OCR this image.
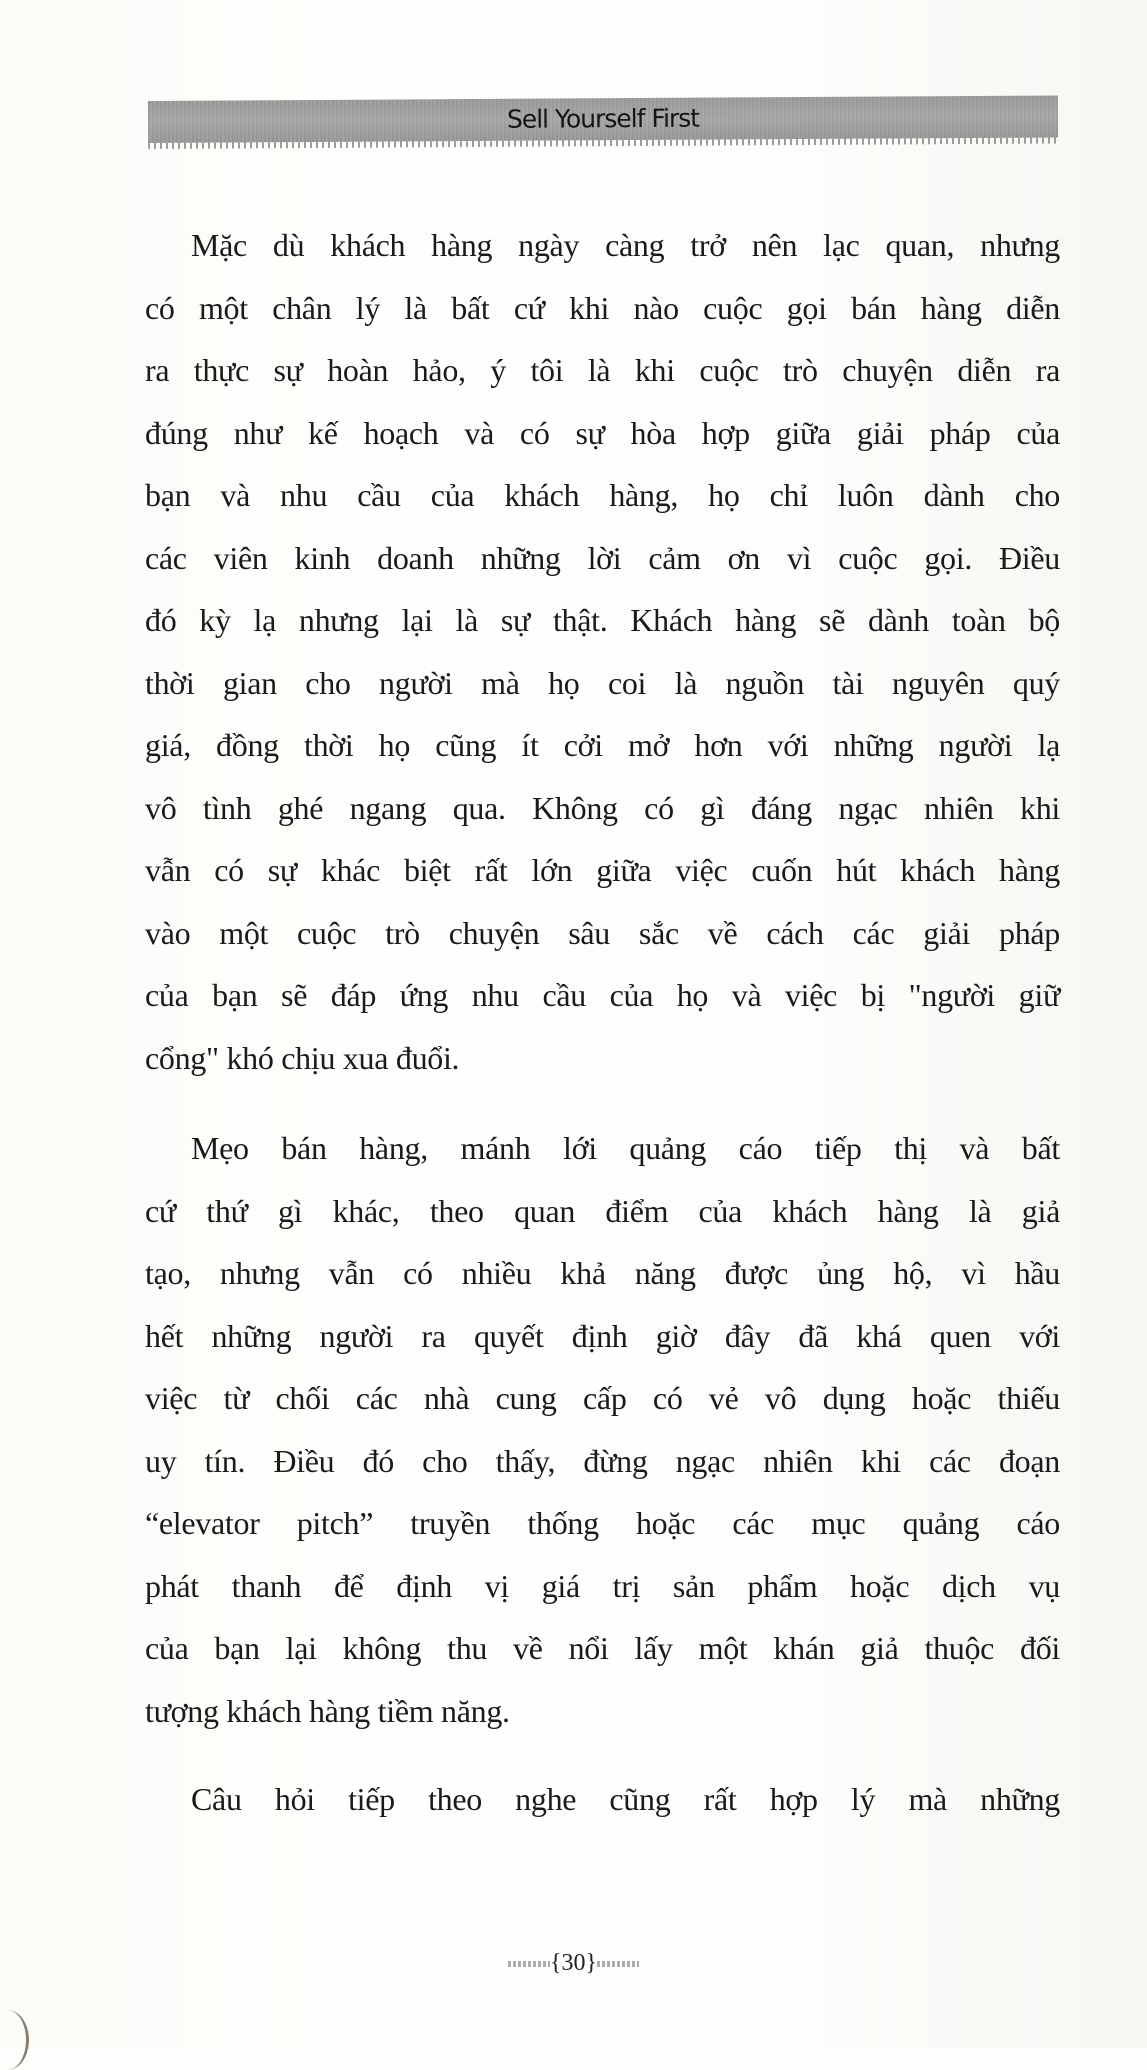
Sell Yourself First

Mặc dù khách hàng ngày càng trở nên lạc quan, nhưng
có một chân lý là bất cứ khi nào cuộc gọi bán hàng diễn
ra thực sự hoàn hảo, ý tôi là khi cuộc trò chuyện diễn ra
đúng như kế hoạch và có sự hòa hợp giữa giải pháp của
bạn và nhu cầu của khách hàng, họ chỉ luôn dành cho
các viên kinh doanh những lời cảm ơn vì cuộc gọi. Điều
đó kỳ lạ nhưng lại là sự thật. Khách hàng sẽ dành toàn bộ
thời gian cho người mà họ coi là nguồn tài nguyên quý
giá, đồng thời họ cũng ít cởi mở hơn với những người lạ
vô tình ghé ngang qua. Không có gì đáng ngạc nhiên khi
vẫn có sự khác biệt rất lớn giữa việc cuốn hút khách hàng
vào một cuộc trò chuyện sâu sắc về cách các giải pháp
của bạn sẽ đáp ứng nhu cầu của họ và việc bị "người giữ
cổng" khó chịu xua đuổi.

Mẹo bán hàng, mánh lới quảng cáo tiếp thị và bất
cứ thứ gì khác, theo quan điểm của khách hàng là giả
tạo, nhưng vẫn có nhiều khả năng được ủng hộ, vì hầu
hết những người ra quyết định giờ đây đã khá quen với
việc từ chối các nhà cung cấp có vẻ vô dụng hoặc thiếu
uy tín. Điều đó cho thấy, đừng ngạc nhiên khi các đoạn
“elevator pitch” truyền thống hoặc các mục quảng cáo
phát thanh để định vị giá trị sản phẩm hoặc dịch vụ
của bạn lại không thu về nổi lấy một khán giả thuộc đối
tượng khách hàng tiềm năng.

Câu hỏi tiếp theo nghe cũng rất hợp lý mà những

{30}
